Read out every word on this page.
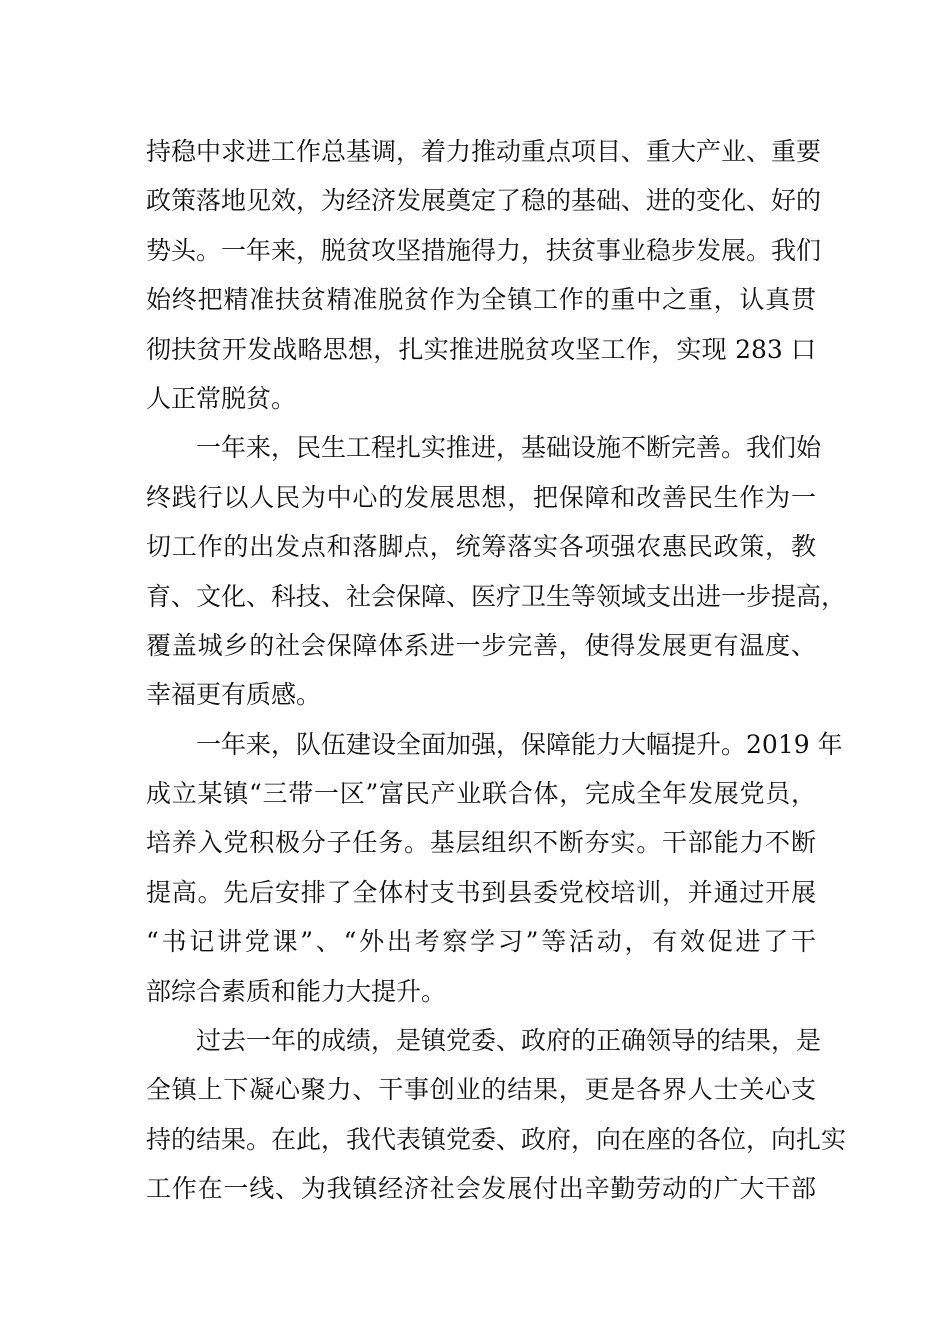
持稳中求进工作总基调，着力推动重点项目、重大产业、重要
政策落地见效，为经济发展奠定了稳的基础、进的变化、好的
势头。一年来，脱贫攻坚措施得力，扶贫事业稳步发展。我们
始终把精准扶贫精准脱贫作为全镇工作的重中之重，认真贯
彻扶贫开发战略思想，扎实推进脱贫攻坚工作，实现 283 口
人正常脱贫。
一年来，民生工程扎实推进，基础设施不断完善。我们始
终践行以人民为中心的发展思想，把保障和改善民生作为一
切工作的出发点和落脚点，统筹落实各项强农惠民政策，教
育、文化、科技、社会保障、医疗卫生等领域支出进一步提高，
覆盖城乡的社会保障体系进一步完善，使得发展更有温度、
幸福更有质感。
一年来，队伍建设全面加强，保障能力大幅提升。2019 年
成立某镇“三带一区”富民产业联合体，完成全年发展党员，
培养入党积极分子任务。基层组织不断夯实。干部能力不断
提高。先后安排了全体村支书到县委党校培训，并通过开展
“书记讲党课”、“外出考察学习”等活动，有效促进了干
部综合素质和能力大提升。
过去一年的成绩，是镇党委、政府的正确领导的结果，是
全镇上下凝心聚力、干事创业的结果，更是各界人士关心支
持的结果。在此，我代表镇党委、政府，向在座的各位，向扎实
工作在一线、为我镇经济社会发展付出辛勤劳动的广大干部
